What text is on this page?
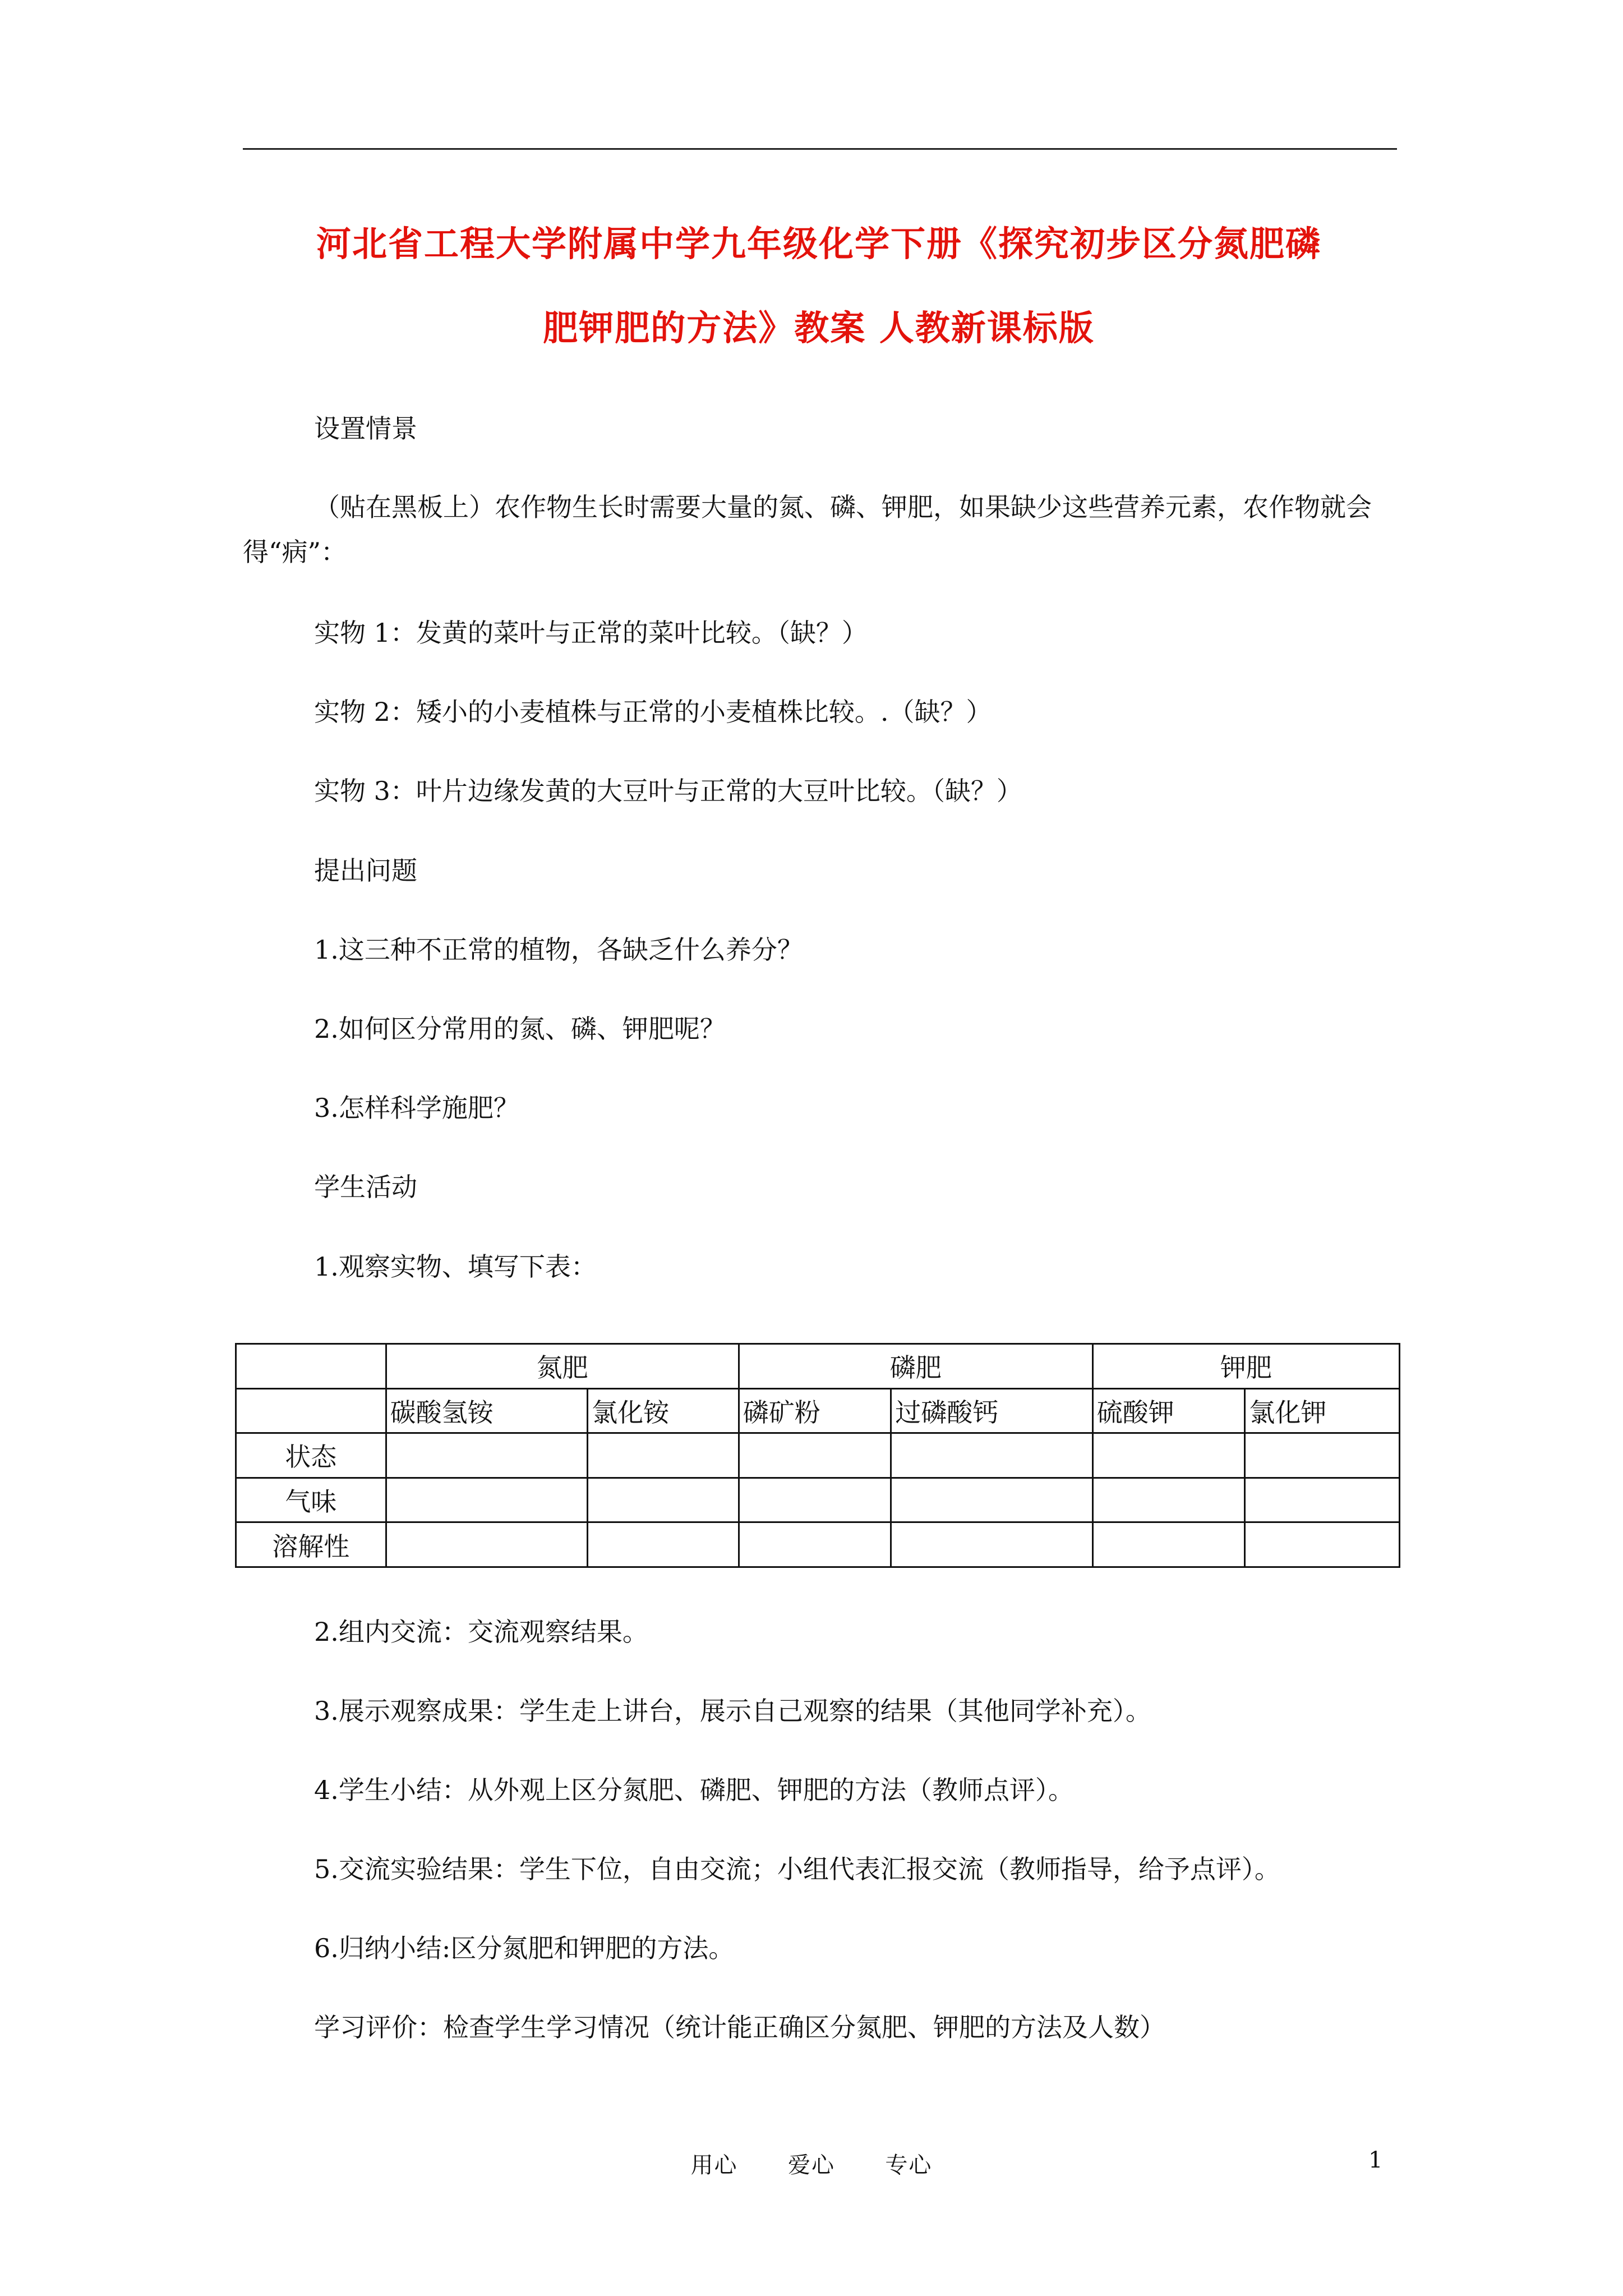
河北省工程大学附属中学九年级化学下册《探究初步区分氮肥磷
肥钾肥的方法》教案 人教新课标版
设置情景
（贴在黑板上）农作物生长时需要大量的氮、磷、钾肥，如果缺少这些营养元素，农作物就会得“病”：
实物 1：发黄的菜叶与正常的菜叶比较。（缺？）
实物 2：矮小的小麦植株与正常的小麦植株比较。.（缺？）
实物 3：叶片边缘发黄的大豆叶与正常的大豆叶比较。（缺？）
提出问题
1.这三种不正常的植物，各缺乏什么养分？
2.如何区分常用的氮、磷、钾肥呢？
3.怎样科学施肥？
学生活动
1.观察实物、填写下表：
	氮肥		磷肥		钾肥	
	碳酸氢铵	氯化铵	磷矿粉	过磷酸钙	硫酸钾	氯化钾
状态						
气味						
溶解性						
2.组内交流：交流观察结果。
3.展示观察成果：学生走上讲台，展示自己观察的结果（其他同学补充）。
4.学生小结：从外观上区分氮肥、磷肥、钾肥的方法（教师点评）。
5.交流实验结果：学生下位，自由交流；小组代表汇报交流（教师指导，给予点评）。
6.归纳小结:区分氮肥和钾肥的方法。
学习评价：检查学生学习情况（统计能正确区分氮肥、钾肥的方法及人数）
用心  爱心  专心	1
